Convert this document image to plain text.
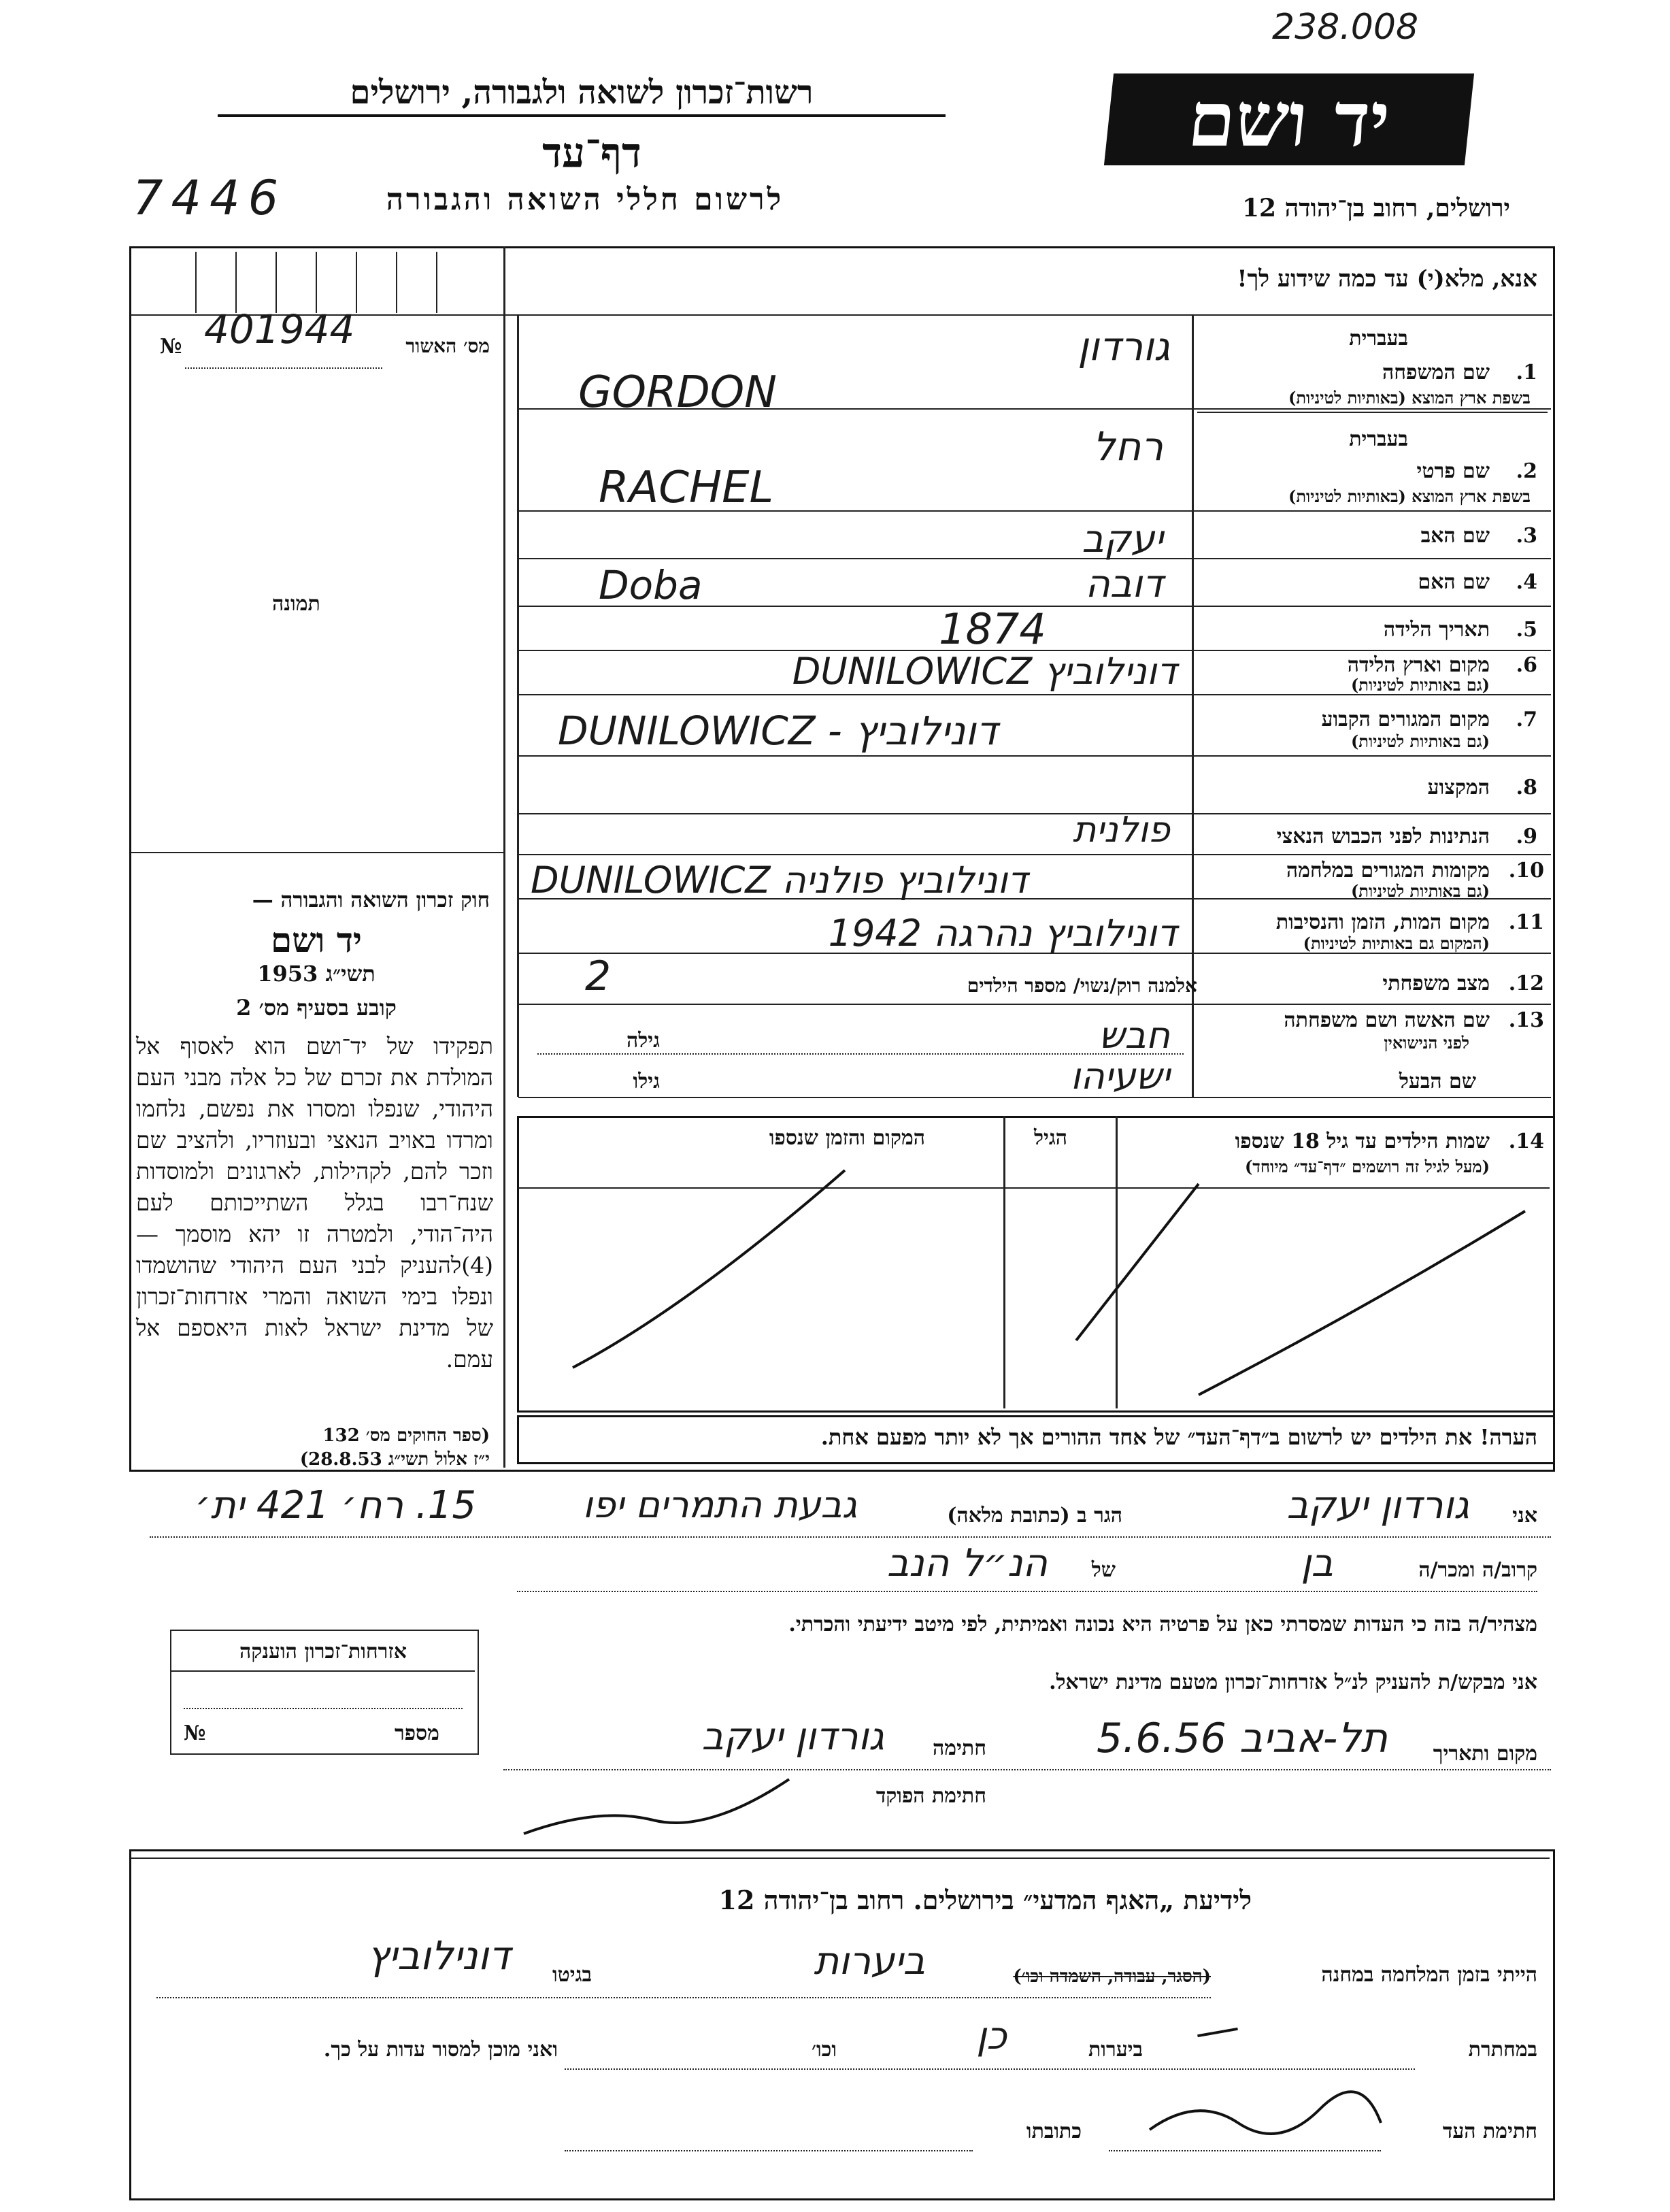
238.008
יד ושם
רשות־זכרון לשואה ולגבורה, ירושלים
דף־עד
7446	לרשום חללי השואה והגבורה	ירושלים, רחוב בן־יהודה 12
אנא, מלא(י) עד כמה שידוע לך!
№ 401944	מס׳ האשור
תמונה
בעברית
1.
שם המשפחה
בשפת ארץ המוצא (באותיות לטיניות)
גורדון
GORDON
בעברית
2.
שם פרטי
בשפת ארץ המוצא (באותיות לטיניות)
רחל
RACHEL
3.
שם האב
יעקב
4.
שם האם
דובה
Doba
5.
תאריך הלידה
1874
6.
מקום וארץ הלידה
(גם באותיות לטיניות)
דונילוביץ DUNILOWICZ
7.
מקום המגורים הקבוע
(גם באותיות לטיניות)
DUNILOWICZ - דונילוביץ
8.
המקצוע
9.
הנתינות לפני הכבוש הנאצי
פולנית
10.
מקומות המגורים במלחמה
(גם באותיות לטיניות)
DUNILOWICZ דונילוביץ פולניה
11.
מקום המות, הזמן והנסיבות
(המקום גם באותיות לטיניות)
דונילוביץ נהרגה 1942
12.
מצב משפחתי
אלמנה רוק/נשוי/ מספר הילדים
2
13.
שם האשה ושם משפחתה
לפני הנישואין
גילה	חבש
שם הבעל
גילו	ישעיהו
חוק זכרון השואה והגבורה —
יד ושם
תשי״ג 1953
קובע בסעיף מס׳ 2
תפקידו של יד־ושם הוא לאסוף אל המולדת את זכרם של כל אלה מבני העם היהודי, שנפלו ומסרו את נפשם, נלחמו ומרדו באויב הנאצי ובעוזריו, ולהציב שם וזכר להם, לקהילות, לארגונים ולמוסדות שנח־רבו בגלל השתייכותם לעם היה־הודי, ולמטרה זו יהא מוסמך — (4)להעניק לבני העם היהודי שהושמדו ונפלו בימי השואה והמרי אזרחות־זכרון של מדינת ישראל לאות היאספם אל עמם.
(ספר החוקים מס׳ 132
י״ז אלול תשי״ג 28.8.53)
14.
שמות הילדים עד גיל 18 שנספו
(מעל לגיל זה רושמים ״דף־עד״ מיוחד)
הגיל
המקום והזמן שנספו
הערה! את הילדים יש לרשום ב״דף־העד״ של אחד ההורים אך לא יותר מפעם אחת.
אני
גורדון יעקב
הגר ב (כתובת מלאה)
גבעת התמרים יפו
15. רח׳ 421 ית׳
קרוב/ה ומכר/ה
בן
של
הנ״ל הנב
מצהיר/ה בזה כי העדות שמסרתי כאן על פרטיה היא נכונה ואמיתית, לפי מיטב ידיעתי והכרתי.
אני מבקש/ת להעניק לנ״ל אזרחות־זכרון מטעם מדינת ישראל.
אזרחות־זכרון הוענקה
№	מספר
מקום ותאריך
תל-אביב 5.6.56
חתימה
גורדון יעקב
חתימת הפוקד
לידיעת „האגף המדעי״ בירושלים. רחוב בן־יהודה 12
הייתי בזמן המלחמה במחנה
(הסגר, עבודה, השמדה וכו׳)
ביערות
בגיטו
דונילוביץ
במחתרת
ביערות
כן
וכו׳
ואני מוכן למסור עדות על כך.
חתימת העד
כתובתו
